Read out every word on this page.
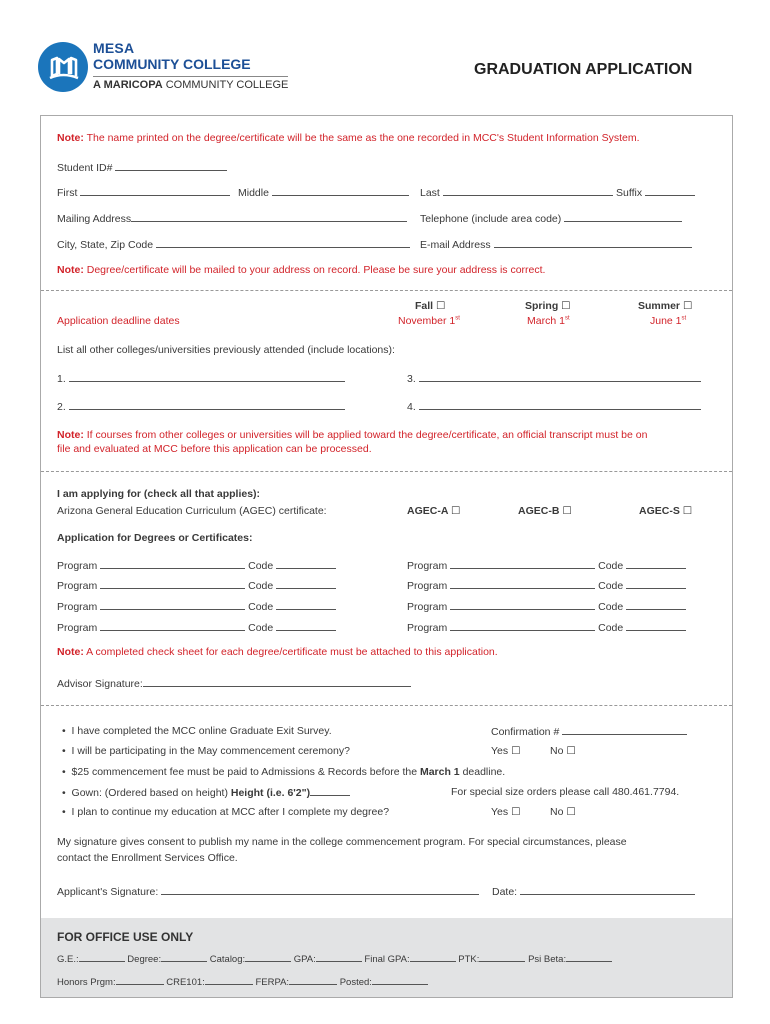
MESA
COMMUNITY COLLEGE
A MARICOPA COMMUNITY COLLEGE
GRADUATION APPLICATION
Note: The name printed on the degree/certificate will be the same as the one recorded in MCC's Student Information System.
Student ID#
First	Middle	Last	Suffix
Mailing Address	Telephone (include area code)
City, State, Zip Code	E-mail Address
Note: Degree/certificate will be mailed to your address on record. Please be sure your address is correct.
Fall ☐	Spring ☐	Summer ☐
Application deadline dates	November 1st	March 1st	June 1st
List all other colleges/universities previously attended (include locations):
1.	3.
2.	4.
Note: If courses from other colleges or universities will be applied toward the degree/certificate, an official transcript must be on
file and evaluated at MCC before this application can be processed.
I am applying for (check all that applies):
Arizona General Education Curriculum (AGEC) certificate:	AGEC-A ☐	AGEC-B ☐	AGEC-S ☐
Application for Degrees or Certificates:
Program	Code	Program	Code
Program	Code	Program	Code
Program	Code	Program	Code
Program	Code	Program	Code
Note: A completed check sheet for each degree/certificate must be attached to this application.
Advisor Signature:
• I have completed the MCC online Graduate Exit Survey.	Confirmation #
• I will be participating in the May commencement ceremony?	Yes ☐	No ☐
• $25 commencement fee must be paid to Admissions & Records before the March 1 deadline.
• Gown: (Ordered based on height) Height (i.e. 6'2")	For special size orders please call 480.461.7794.
• I plan to continue my education at MCC after I complete my degree?	Yes ☐	No ☐
My signature gives consent to publish my name in the college commencement program. For special circumstances, please
contact the Enrollment Services Office.
Applicant's Signature:	Date:
FOR OFFICE USE ONLY
G.E.:	Degree:	Catalog:	GPA:	Final GPA:	PTK:	Psi Beta:
Honors Prgm:	CRE101:	FERPA:	Posted:
